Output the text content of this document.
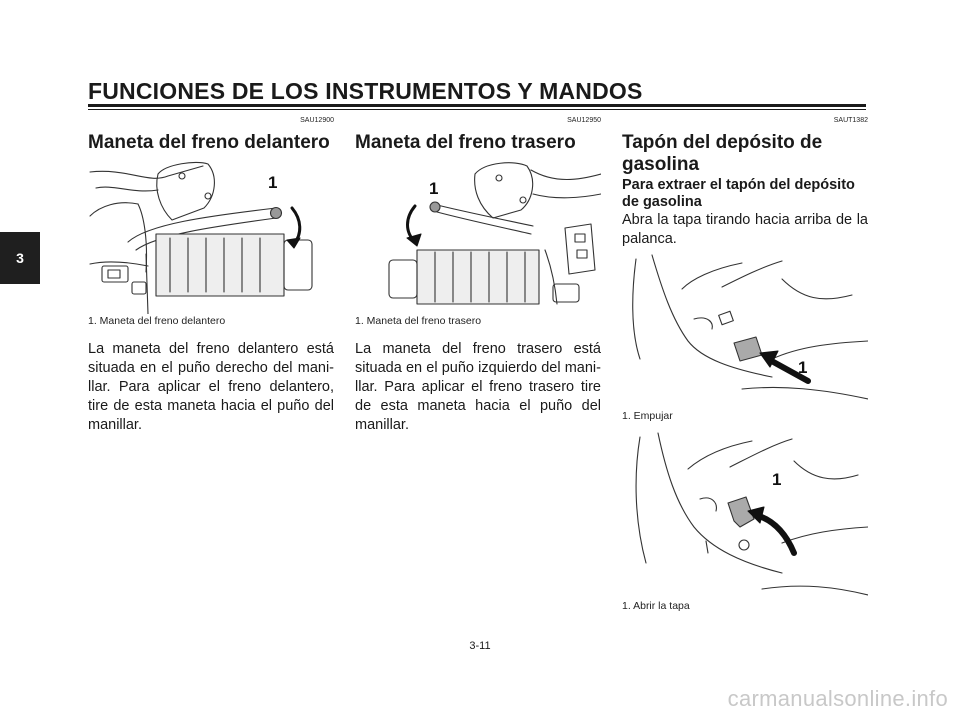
FUNCIONES DE LOS INSTRUMENTOS Y MANDOS
3
SAU12900
Maneta del freno delantero
1

1. Maneta del freno delantero

La maneta del freno delantero está situada en el puño derecho del mani-llar. Para aplicar el freno delantero, tire de esta maneta hacia el puño del manillar.

SAU12950
Maneta del freno trasero
1

1. Maneta del freno trasero

La maneta del freno trasero está situada en el puño izquierdo del mani-llar. Para aplicar el freno trasero tire de esta maneta hacia el puño del manillar.

SAUT1382
Tapón del depósito de gasolina
Para extraer el tapón del depósito de gasolina

Abra la tapa tirando hacia arriba de la palanca.

1

1. Empujar

1

1. Abrir la tapa

3-11
carmanualsonline.info
